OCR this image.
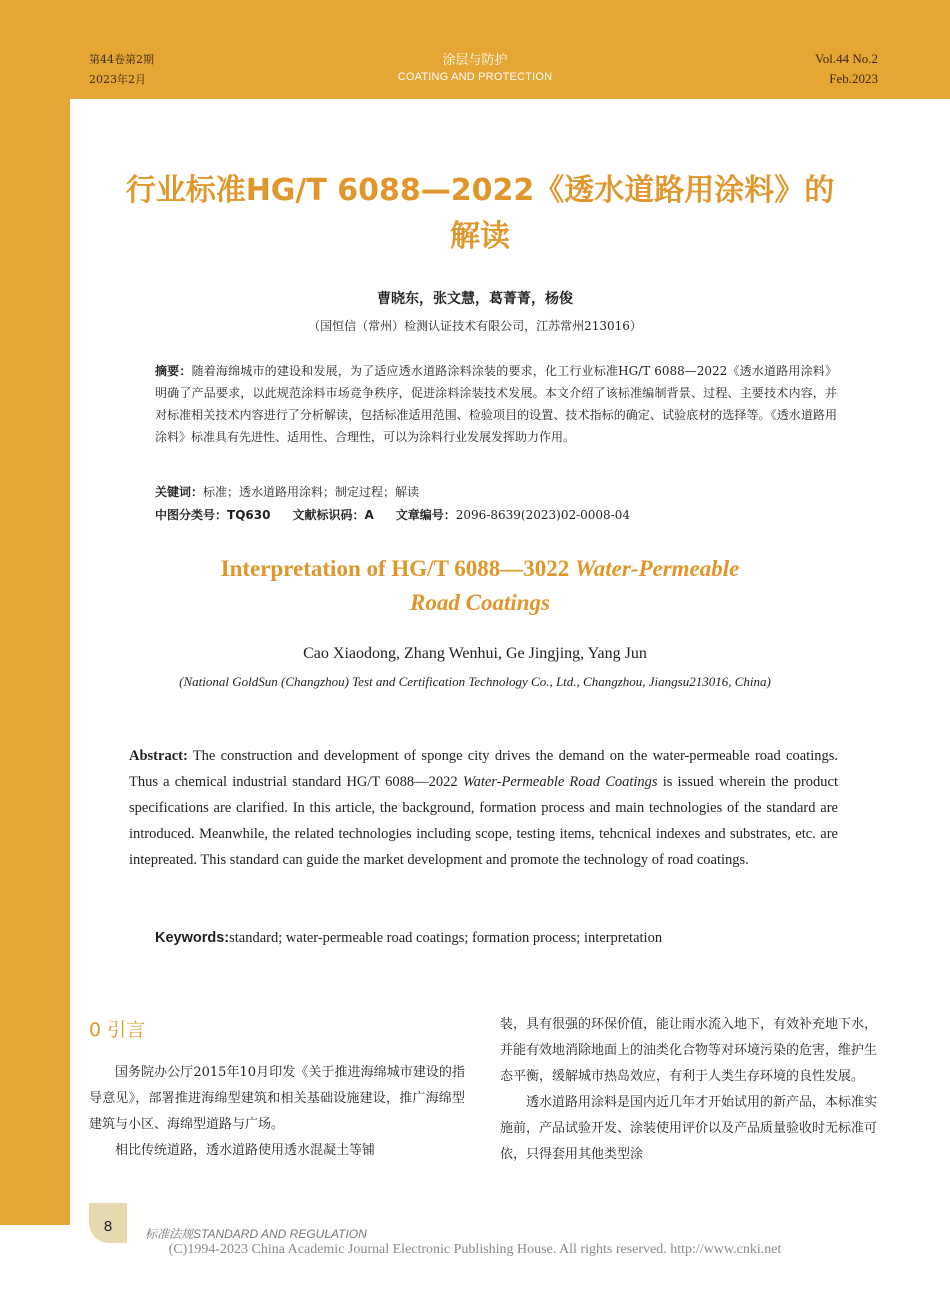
第44卷第2期
2023年2月
涂层与防护
COATING AND PROTECTION
Vol.44 No.2
Feb.2023
行业标准HG/T 6088—2022《透水道路用涂料》的
解读
曹晓东，张文慧，葛菁菁，杨俊
（国恒信（常州）检测认证技术有限公司，江苏常州213016）
摘要：随着海绵城市的建设和发展，为了适应透水道路涂料涂装的要求，化工行业标准HG/T 6088—2022《透水道路用涂料》明确了产品要求，以此规范涂料市场竞争秩序，促进涂料涂装技术发展。本文介绍了该标准编制背景、过程、主要技术内容，并对标准相关技术内容进行了分析解读，包括标准适用范围、检验项目的设置、技术指标的确定、试验底材的选择等。《透水道路用涂料》标准具有先进性、适用性、合理性，可以为涂料行业发展发挥助力作用。
关键词：标准；透水道路用涂料；制定过程；解读
中图分类号：TQ630 文献标识码：A 文章编号：2096-8639(2023)02-0008-04
Interpretation of HG/T 6088—3022 Water-Permeable
Road Coatings
Cao Xiaodong, Zhang Wenhui, Ge Jingjing, Yang Jun
(National GoldSun (Changzhou) Test and Certification Technology Co., Ltd., Changzhou, Jiangsu213016, China)
Abstract: The construction and development of sponge city drives the demand on the water-permeable road coatings. Thus a chemical industrial standard HG/T 6088—2022 Water-Permeable Road Coatings is issued wherein the product specifications are clarified. In this article, the background, formation process and main technologies of the standard are introduced. Meanwhile, the related technologies including scope, testing items, tehcnical indexes and substrates, etc. are intepreated. This standard can guide the market development and promote the technology of road coatings.
Keywords:standard; water-permeable road coatings; formation process; interpretation
0 引言

国务院办公厅2015年10月印发《关于推进海绵城市建设的指导意见》，部署推进海绵型建筑和相关基础设施建设，推广海绵型建筑与小区、海绵型道路与广场。

相比传统道路，透水道路使用透水混凝土等铺

装，具有很强的环保价值，能让雨水流入地下，有效补充地下水，并能有效地消除地面上的油类化合物等对环境污染的危害，维护生态平衡，缓解城市热岛效应，有利于人类生存环境的良性发展。

透水道路用涂料是国内近几年才开始试用的新产品，本标准实施前，产品试验开发、涂装使用评价以及产品质量验收时无标准可依，只得套用其他类型涂

8	标准法规STANDARD AND REGULATION
(C)1994-2023 China Academic Journal Electronic Publishing House. All rights reserved. http://www.cnki.net
